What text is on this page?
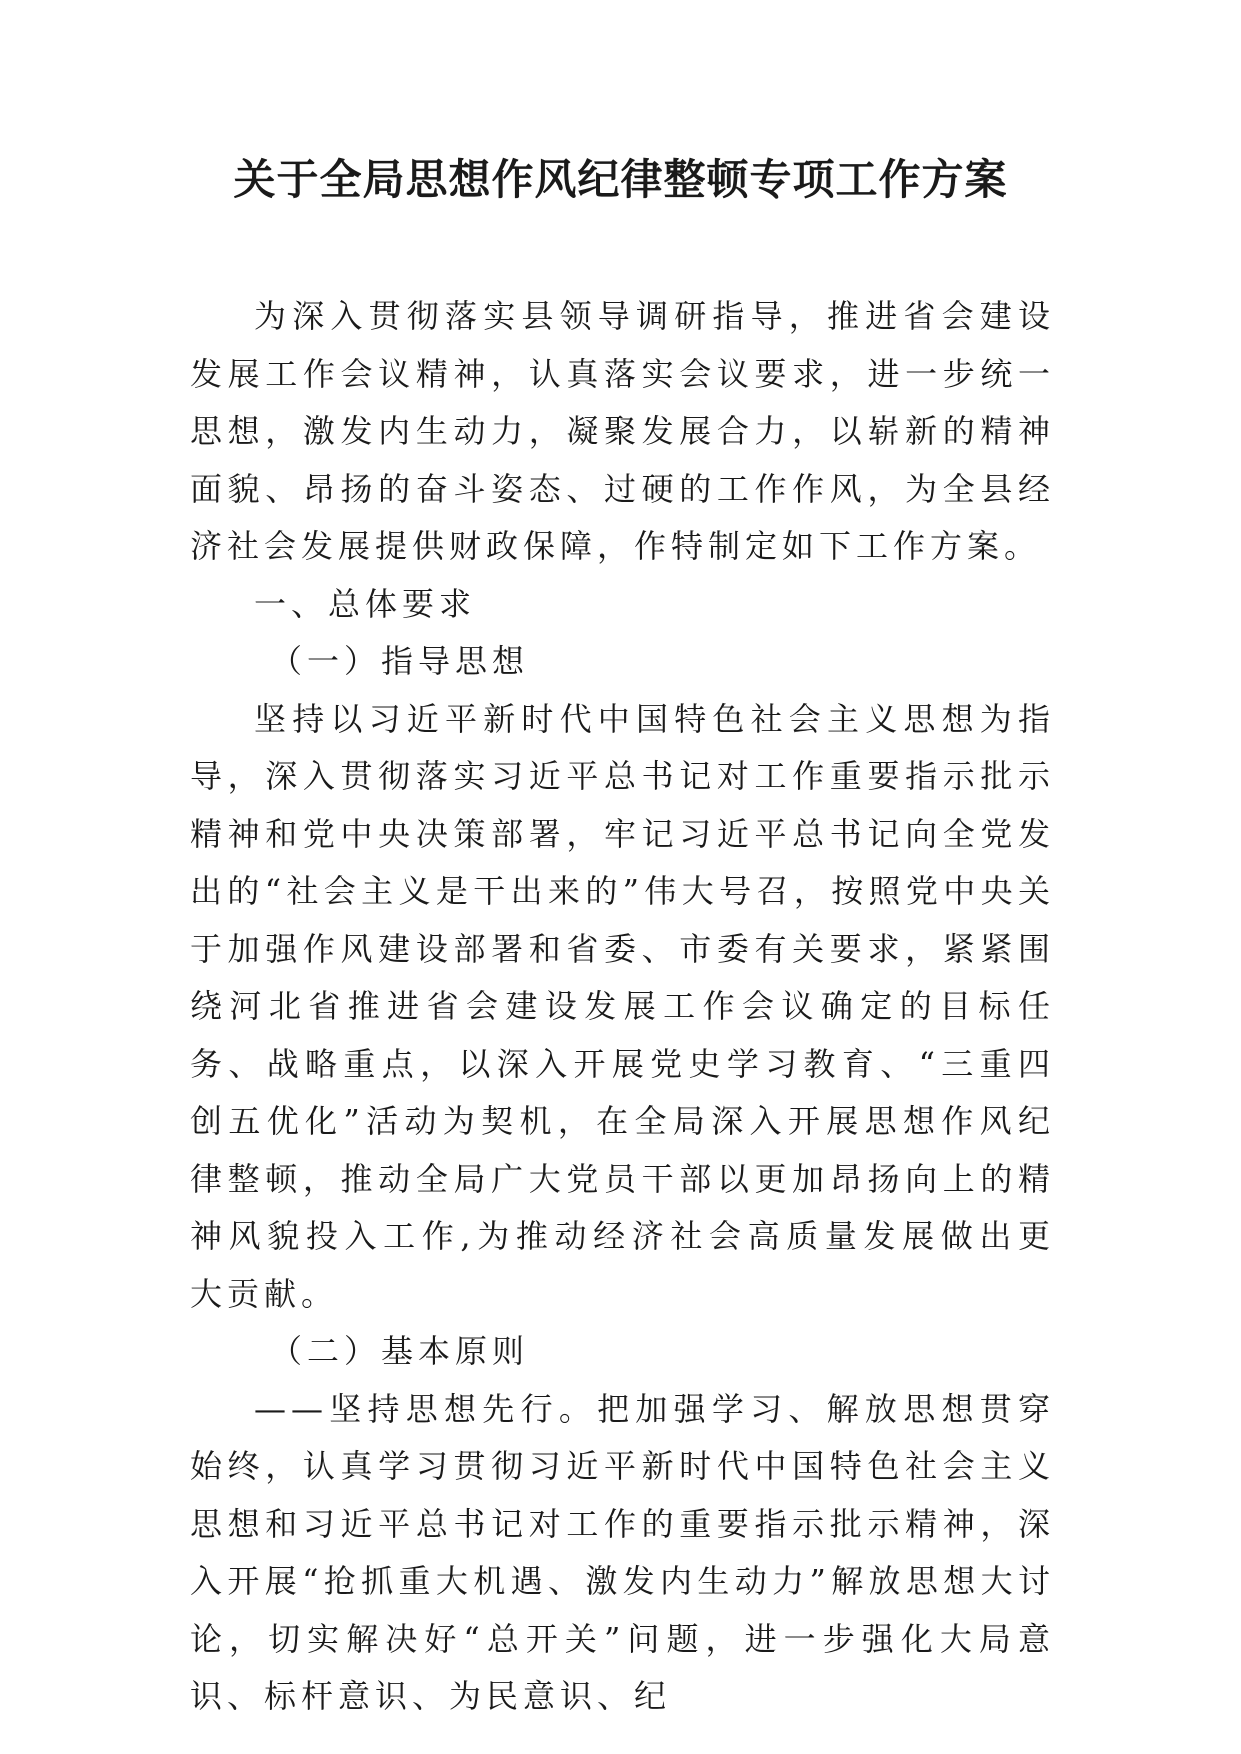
关于全局思想作风纪律整顿专项工作方案

为深入贯彻落实县领导调研指导，推进省会建设发展工作会议精神，认真落实会议要求，进一步统一思想，激发内生动力，凝聚发展合力，以崭新的精神面貌、昂扬的奋斗姿态、过硬的工作作风，为全县经济社会发展提供财政保障，作特制定如下工作方案。

一、总体要求

（一）指导思想

坚持以习近平新时代中国特色社会主义思想为指导，深入贯彻落实习近平总书记对工作重要指示批示精神和党中央决策部署，牢记习近平总书记向全党发出的“社会主义是干出来的”伟大号召，按照党中央关于加强作风建设部署和省委、市委有关要求，紧紧围绕河北省推进省会建设发展工作会议确定的目标任务、战略重点，以深入开展党史学习教育、“三重四创五优化”活动为契机，在全局深入开展思想作风纪律整顿，推动全局广大党员干部以更加昂扬向上的精神风貌投入工作,为推动经济社会高质量发展做出更大贡献。

（二）基本原则

——坚持思想先行。把加强学习、解放思想贯穿始终，认真学习贯彻习近平新时代中国特色社会主义思想和习近平总书记对工作的重要指示批示精神，深入开展“抢抓重大机遇、激发内生动力”解放思想大讨论，切实解决好“总开关”问题，进一步强化大局意识、标杆意识、为民意识、纪
